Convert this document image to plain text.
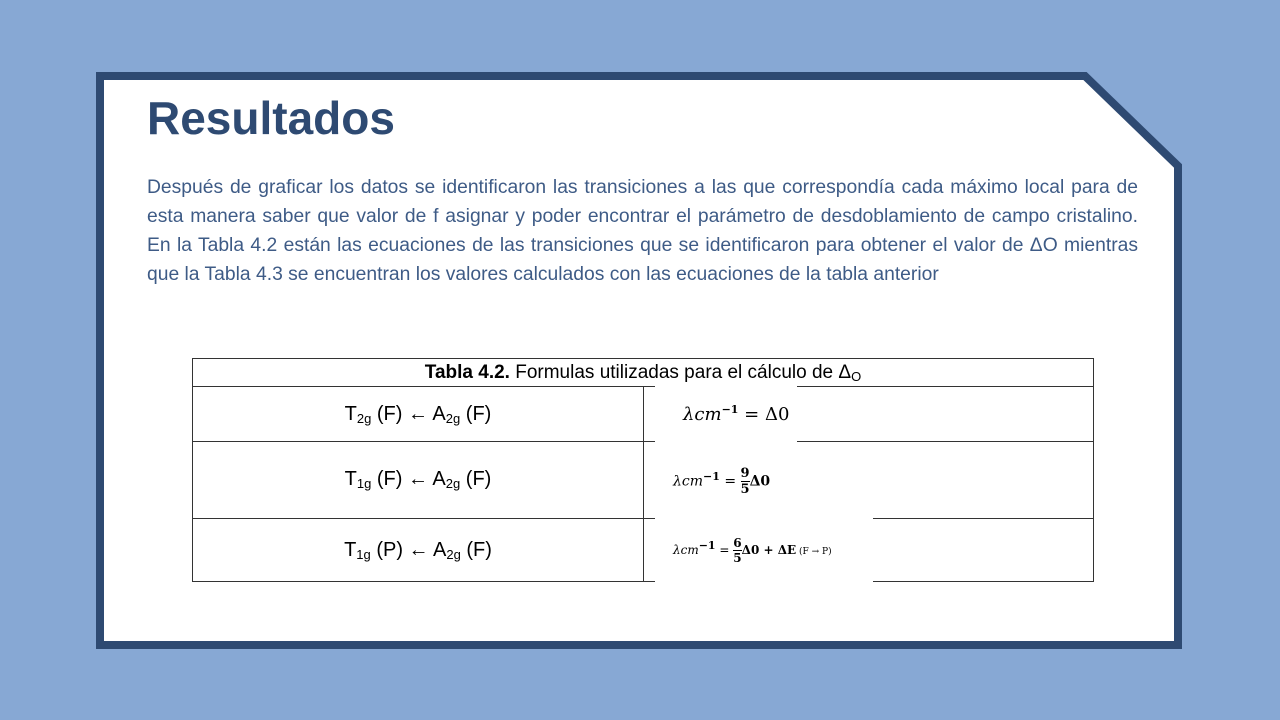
Resultados

Después de graficar los datos se identificaron las transiciones a las que correspondía cada máximo local para de esta manera saber que valor de f asignar y poder encontrar el parámetro de desdoblamiento de campo cristalino. En la Tabla 4.2 están las ecuaciones de las transiciones que se identificaron para obtener el valor de ΔO mientras que la Tabla 4.3 se encuentran los valores calculados con las ecuaciones de la tabla anterior

Tabla 4.2. Formulas utilizadas para el cálculo de ΔO
$T_{2g}$ (F) ← $A_{2g}$ (F)	λcm$^{-1}$ = Δ0
$T_{1g}$ (F) ← $A_{2g}$ (F)	$\lambda cm^{-1} = \frac{9}{5} \Delta 0$
$T_{1g}$ (P) ← $A_{2g}$ (F)	$\lambda cm^{-1} = \frac{6}{5} \Delta 0 + \Delta E$ (F → P)
